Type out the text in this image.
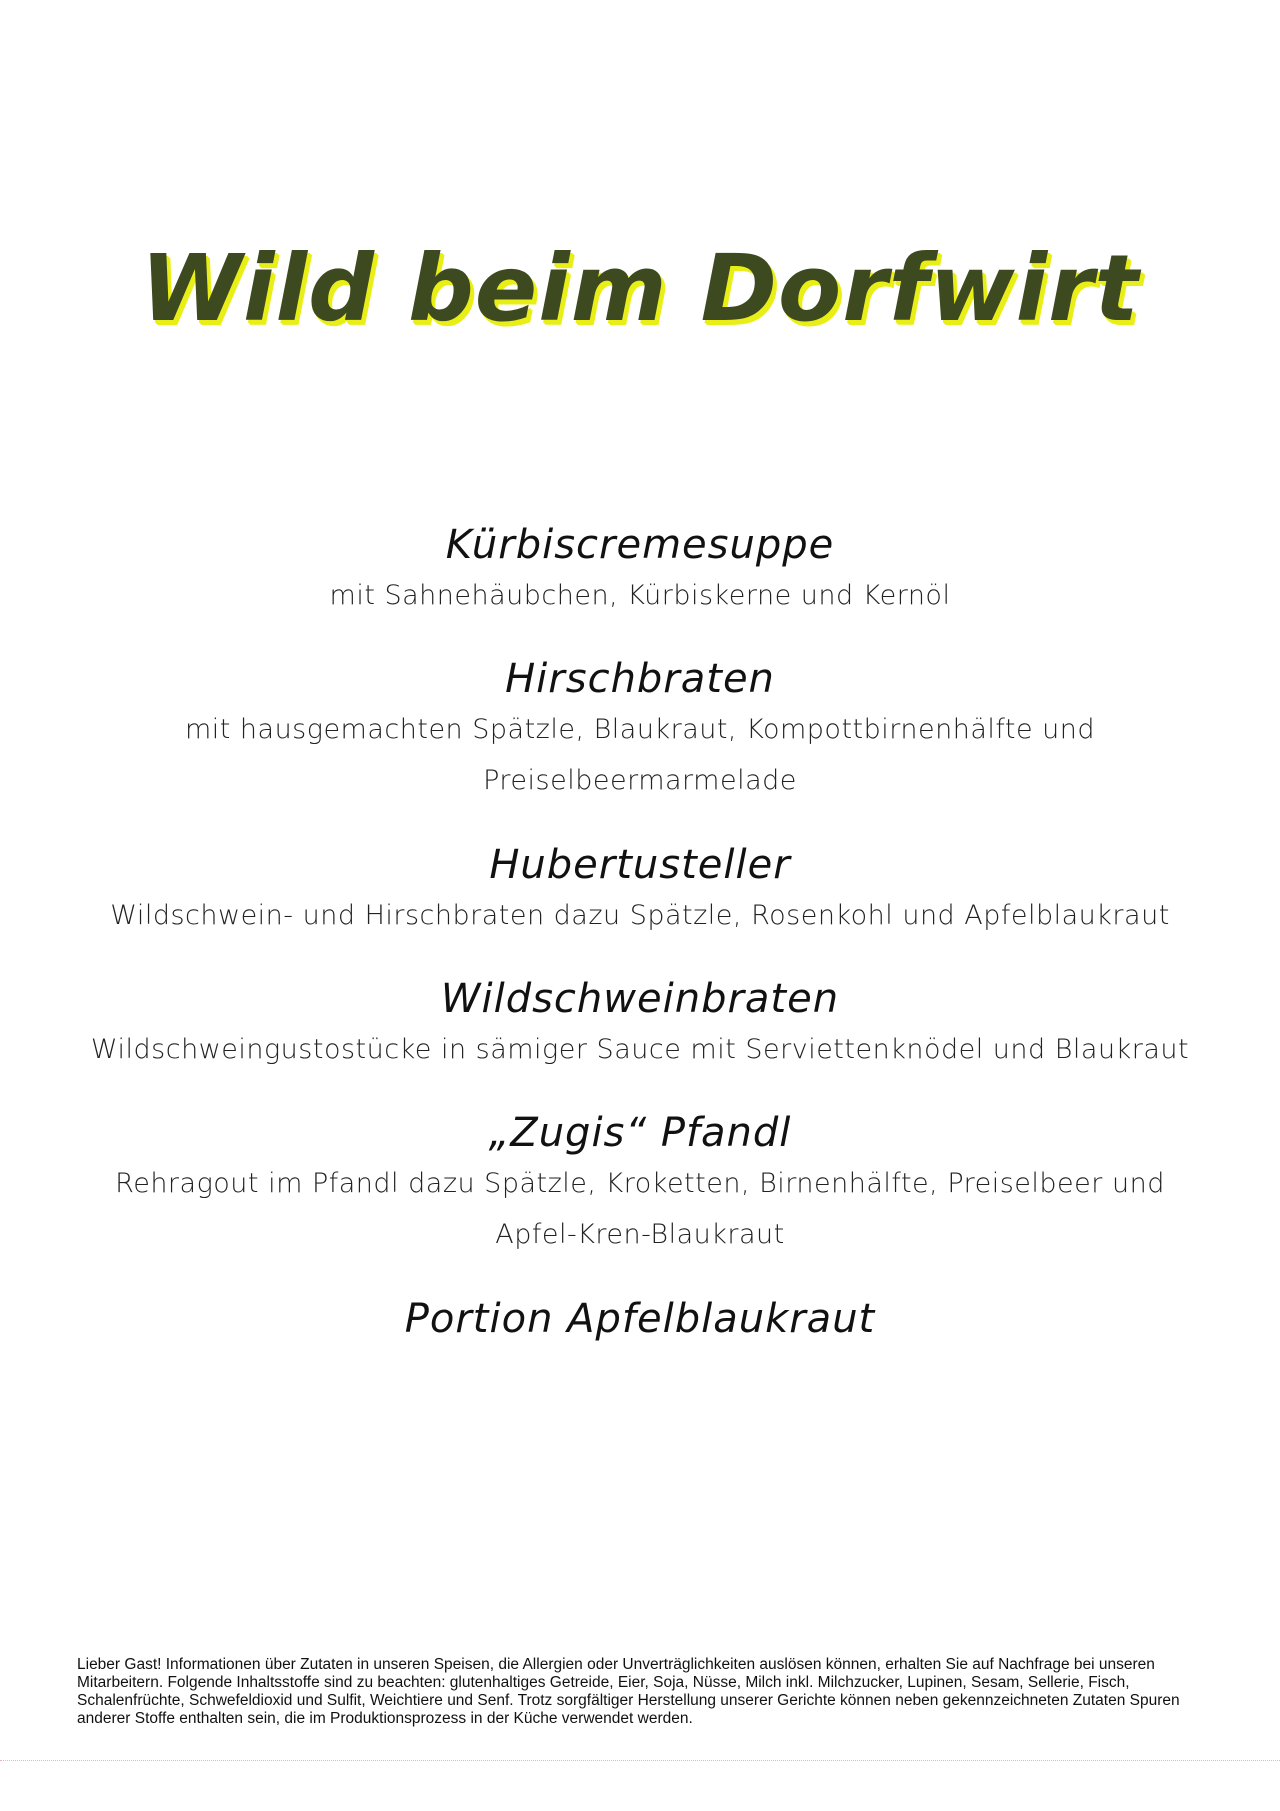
Wild beim Dorfwirt
Kürbiscremesuppe
mit Sahnehäubchen, Kürbiskerne und Kernöl
Hirschbraten
mit hausgemachten Spätzle, Blaukraut, Kompottbirnenhälfte und
Preiselbeermarmelade
Hubertusteller
Wildschwein- und Hirschbraten dazu Spätzle, Rosenkohl und Apfelblaukraut
Wildschweinbraten
Wildschweingustostücke in sämiger Sauce mit Serviettenknödel und Blaukraut
„Zugis“ Pfandl
Rehragout im Pfandl dazu Spätzle, Kroketten, Birnenhälfte, Preiselbeer und
Apfel-Kren-Blaukraut
Portion Apfelblaukraut
Lieber Gast! Informationen über Zutaten in unseren Speisen, die Allergien oder Unverträglichkeiten auslösen können, erhalten Sie auf Nachfrage bei unseren Mitarbeitern. Folgende Inhaltsstoffe sind zu beachten: glutenhaltiges Getreide, Eier, Soja, Nüsse, Milch inkl. Milchzucker, Lupinen, Sesam, Sellerie, Fisch, Schalenfrüchte, Schwefeldioxid und Sulfit, Weichtiere und Senf. Trotz sorgfältiger Herstellung unserer Gerichte können neben gekennzeichneten Zutaten Spuren anderer Stoffe enthalten sein, die im Produktionsprozess in der Küche verwendet werden.
